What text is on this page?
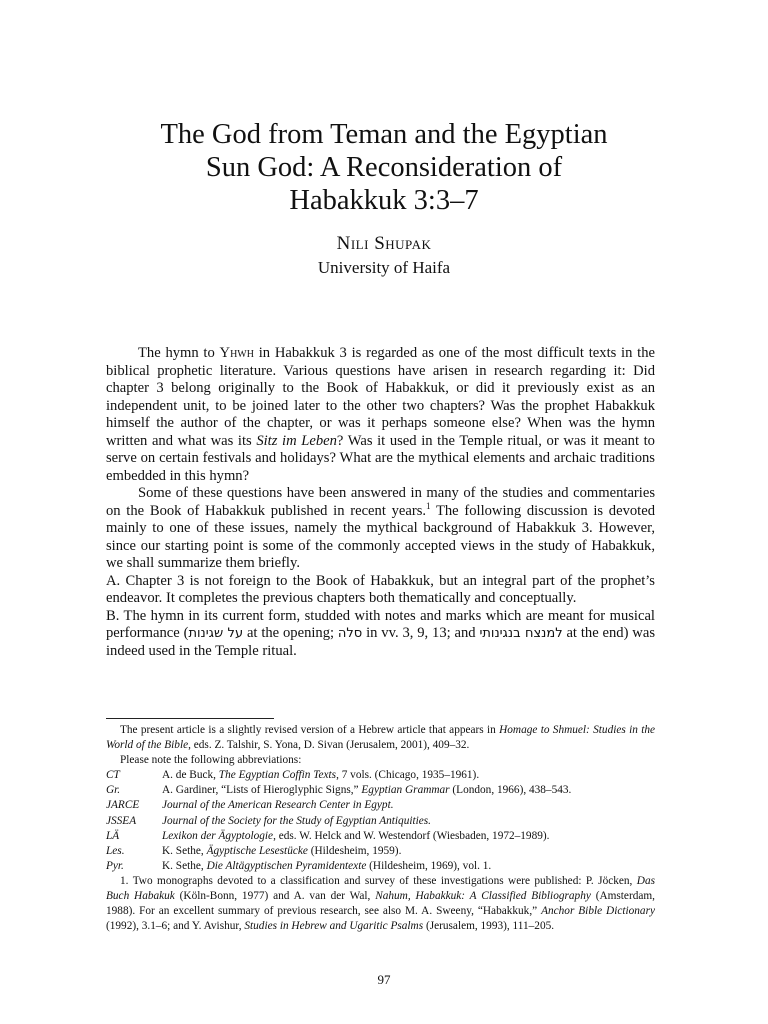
The God from Teman and the Egyptian
Sun God: A Reconsideration of
Habakkuk 3:3–7
Nili Shupak
University of Haifa

The hymn to Yhwh in Habakkuk 3 is regarded as one of the most difficult texts in the biblical prophetic literature. Various questions have arisen in research regarding it: Did chapter 3 belong originally to the Book of Habakkuk, or did it previously exist as an independent unit, to be joined later to the other two chapters? Was the prophet Habakkuk himself the author of the chapter, or was it perhaps someone else? When was the hymn written and what was its Sitz im Leben? Was it used in the Temple ritual, or was it meant to serve on certain festivals and holidays? What are the mythical elements and archaic traditions embedded in this hymn?

Some of these questions have been answered in many of the studies and commentaries on the Book of Habakkuk published in recent years.$^1$ The following discussion is devoted mainly to one of these issues, namely the mythical background of Habakkuk 3. However, since our starting point is some of the commonly accepted views in the study of Habakkuk, we shall summarize them briefly.

A. Chapter 3 is not foreign to the Book of Habakkuk, but an integral part of the prophet’s endeavor. It completes the previous chapters both thematically and conceptually.

B. The hymn in its current form, studded with notes and marks which are meant for musical performance (על שגינות at the opening; סלה in vv. 3, 9, 13; and למנצח בנגינותי at the end) was indeed used in the Temple ritual.

The present article is a slightly revised version of a Hebrew article that appears in Homage to Shmuel: Studies in the World of the Bible, eds. Z. Talshir, S. Yona, D. Sivan (Jerusalem, 2001), 409–32.

Please note the following abbreviations:

CT	A. de Buck, The Egyptian Coffin Texts, 7 vols. (Chicago, 1935–1961).
Gr.	A. Gardiner, “Lists of Hieroglyphic Signs,” Egyptian Grammar (London, 1966), 438–543.
JARCE	Journal of the American Research Center in Egypt.
JSSEA	Journal of the Society for the Study of Egyptian Antiquities.
LÄ	Lexikon der Ägyptologie, eds. W. Helck and W. Westendorf (Wiesbaden, 1972–1989).
Les.	K. Sethe, Ägyptische Lesestücke (Hildesheim, 1959).
Pyr.	K. Sethe, Die Altägyptischen Pyramidentexte (Hildesheim, 1969), vol. 1.

1. Two monographs devoted to a classification and survey of these investigations were published: P. Jöcken, Das Buch Habakuk (Köln-Bonn, 1977) and A. van der Wal, Nahum, Habakkuk: A Classified Bibliography (Amsterdam, 1988). For an excellent summary of previous research, see also M. A. Sweeny, “Habakkuk,” Anchor Bible Dictionary (1992), 3.1–6; and Y. Avishur, Studies in Hebrew and Ugaritic Psalms (Jerusalem, 1993), 111–205.

97
